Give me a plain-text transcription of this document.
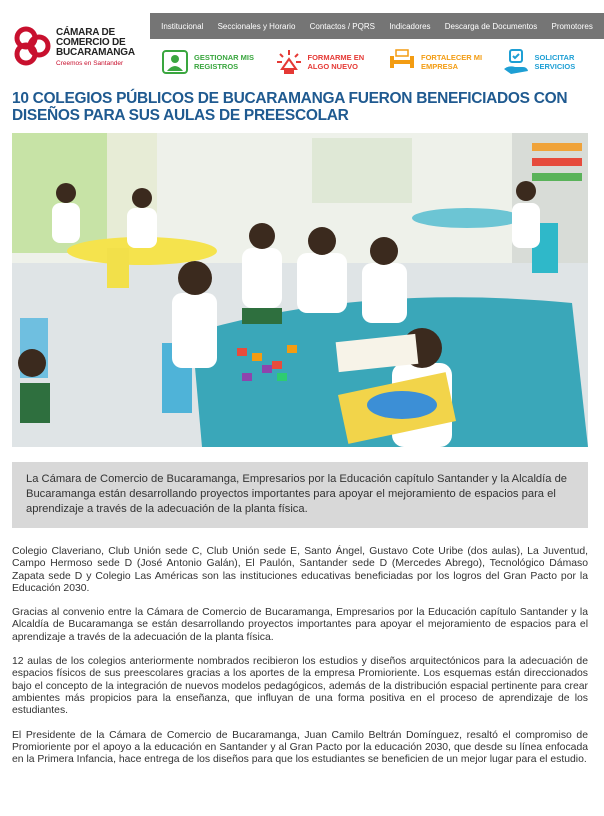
CÁMARA DE
COMERCIO DE
BUCARAMANGA
Creemos en Santander
Institucional Seccionales y Horario Contactos / PQRS Indicadores Descarga de Documentos Promotores
GESTIONAR MIS REGISTROS
FORMARME EN ALGO NUEVO
FORTALECER MI EMPRESA
SOLICITAR SERVICIOS
10 COLEGIOS PÚBLICOS DE BUCARAMANGA FUERON BENEFICIADOS CON DISEÑOS PARA SUS AULAS DE PREESCOLAR
La Cámara de Comercio de Bucaramanga, Empresarios por la Educación capítulo Santander y la Alcaldía de Bucaramanga están desarrollando proyectos importantes para apoyar el mejoramiento de espacios para el aprendizaje a través de la adecuación de la planta física.

Colegio Claveriano, Club Unión sede C, Club Unión sede E, Santo Ángel, Gustavo Cote Uribe (dos aulas), La Juventud, Campo Hermoso sede D (José Antonio Galán), El Paulón, Santander sede D (Mercedes Abrego), Tecnológico Dámaso Zapata sede D y Colegio Las Américas son las instituciones educativas beneficiadas por los logros del Gran Pacto por la Educación 2030.

Gracias al convenio entre la Cámara de Comercio de Bucaramanga, Empresarios por la Educación capítulo Santander y la Alcaldía de Bucaramanga se están desarrollando proyectos importantes para apoyar el mejoramiento de espacios para el aprendizaje a través de la adecuación de la planta física.

12 aulas de los colegios anteriormente nombrados recibieron los estudios y diseños arquitectónicos para la adecuación de espacios físicos de sus preescolares gracias a los aportes de la empresa Promioriente. Los esquemas están direccionados bajo el concepto de la integración de nuevos modelos pedagógicos, además de la distribución espacial pertinente para crear ambientes más propicios para la enseñanza, que influyan de una forma positiva en el proceso de aprendizaje de los estudiantes.

El Presidente de la Cámara de Comercio de Bucaramanga, Juan Camilo Beltrán Domínguez, resaltó el compromiso de Promioriente por el apoyo a la educación en Santander y al Gran Pacto por la educación 2030, que desde su línea enfocada en la Primera Infancia, hace entrega de los diseños para que los estudiantes se beneficien de un mejor lugar para el estudio.
